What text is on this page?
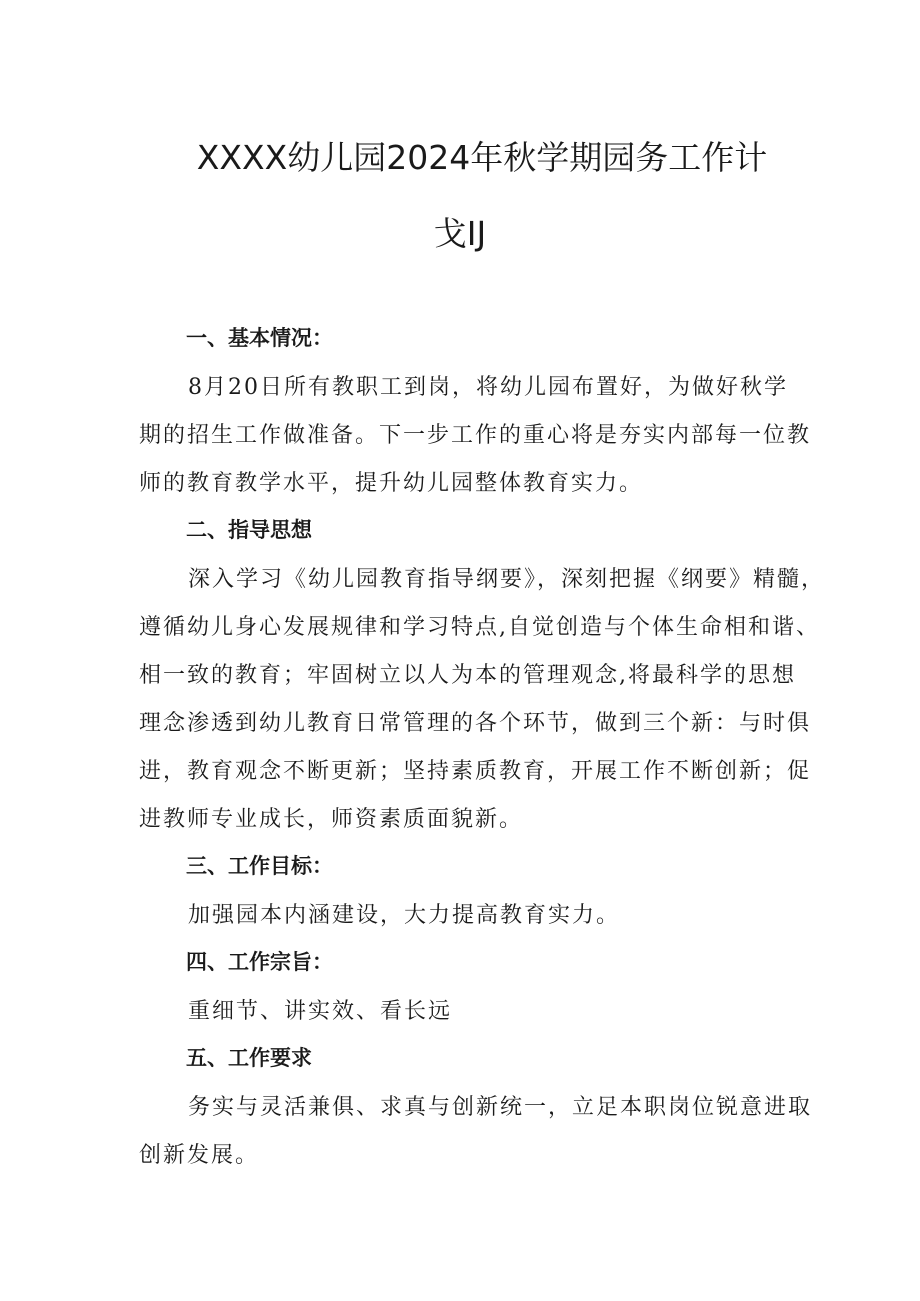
XXXX幼儿园2024年秋学期园务工作计
戈IJ
一、基本情况：
8月20日所有教职工到岗，将幼儿园布置好，为做好秋学
期的招生工作做准备。下一步工作的重心将是夯实内部每一位教
师的教育教学水平，提升幼儿园整体教育实力。
二、指导思想
深入学习《幼儿园教育指导纲要》，深刻把握《纲要》精髓，
遵循幼儿身心发展规律和学习特点,自觉创造与个体生命相和谐、
相一致的教育；牢固树立以人为本的管理观念,将最科学的思想
理念渗透到幼儿教育日常管理的各个环节，做到三个新：与时俱
进，教育观念不断更新；坚持素质教育，开展工作不断创新；促
进教师专业成长，师资素质面貌新。
三、工作目标：
加强园本内涵建设，大力提高教育实力。
四、工作宗旨：
重细节、讲实效、看长远
五、工作要求
务实与灵活兼俱、求真与创新统一，立足本职岗位锐意进取
创新发展。
